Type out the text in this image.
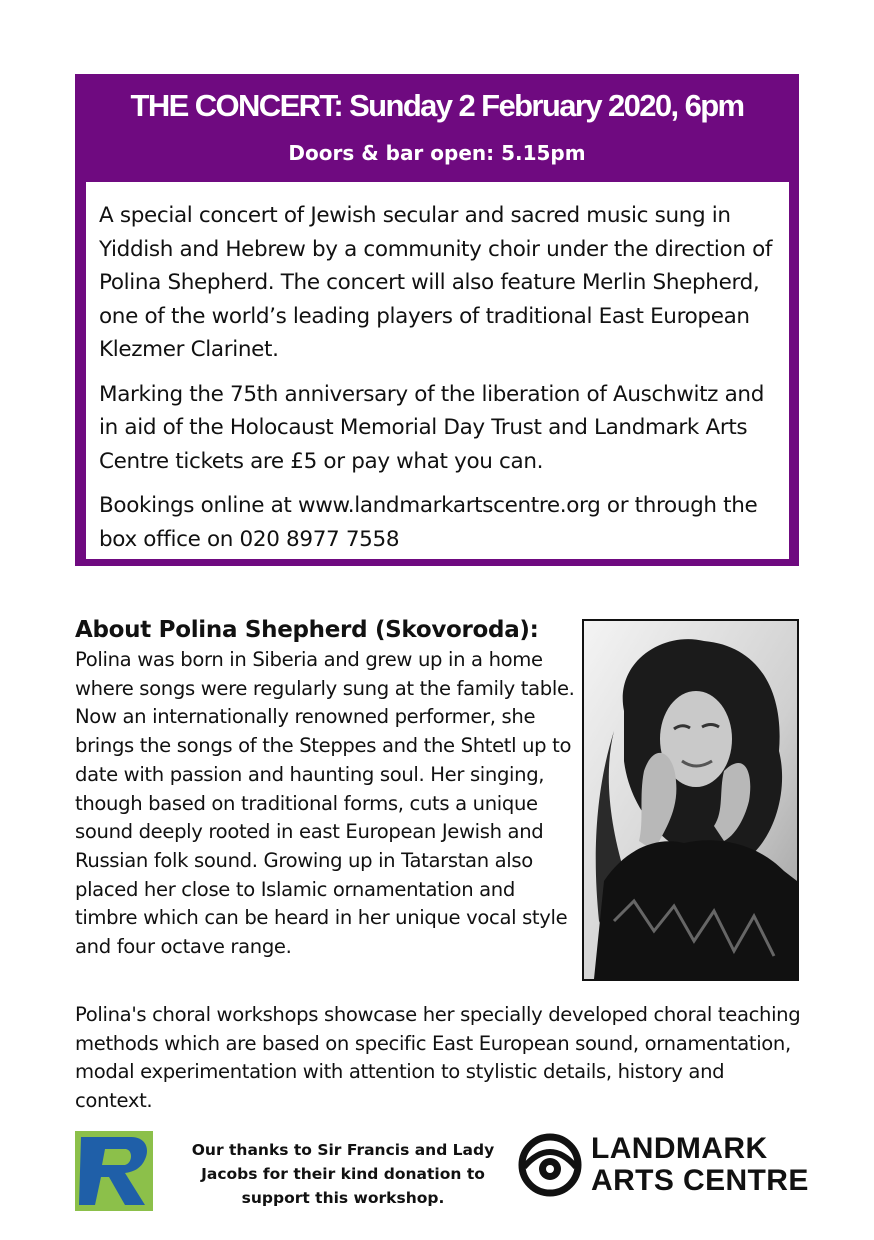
THE CONCERT: Sunday 2 February 2020, 6pm
Doors & bar open: 5.15pm

A special concert of Jewish secular and sacred music sung in Yiddish and Hebrew by a community choir under the direction of Polina Shepherd. The concert will also feature Merlin Shepherd, one of the world’s leading players of traditional East European Klezmer Clarinet.

Marking the 75th anniversary of the liberation of Auschwitz and in aid of the Holocaust Memorial Day Trust and Landmark Arts Centre tickets are £5 or pay what you can.

Bookings online at www.landmarkartscentre.org or through the box office on 020 8977 7558

About Polina Shepherd (Skovoroda):

Polina was born in Siberia and grew up in a home where songs were regularly sung at the family table. Now an internationally renowned performer, she brings the songs of the Steppes and the Shtetl up to date with passion and haunting soul. Her singing, though based on traditional forms, cuts a unique sound deeply rooted in east European Jewish and Russian folk sound. Growing up in Tatarstan also placed her close to Islamic ornamentation and timbre which can be heard in her unique vocal style and four octave range.

Polina's choral workshops showcase her specially developed choral teaching methods which are based on specific East European sound, ornamentation, modal experimentation with attention to stylistic details, history and context.

Our thanks to Sir Francis and Lady Jacobs for their kind donation to support this workshop.

LANDMARK
ARTS CENTRE
